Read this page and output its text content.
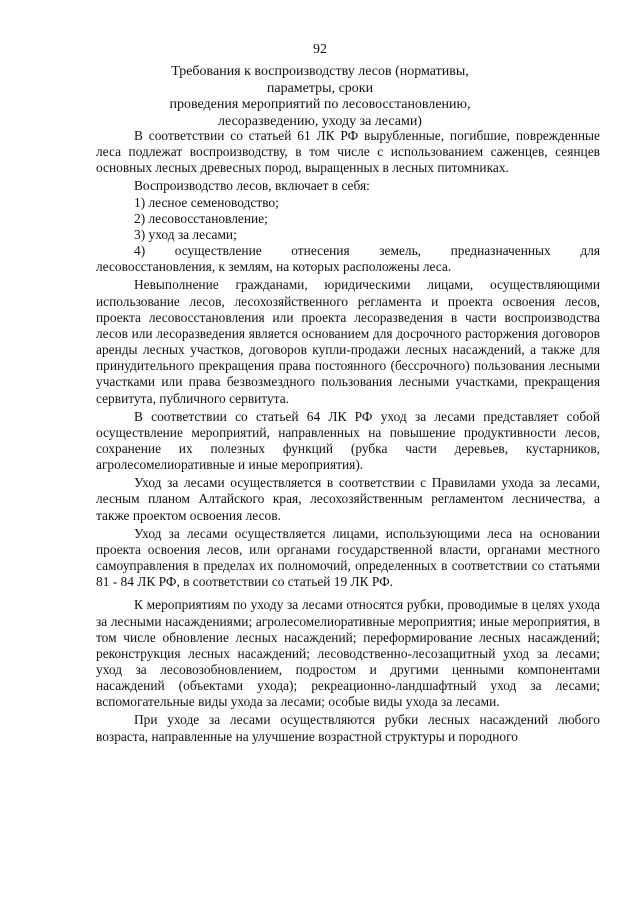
92
Требования к воспроизводству лесов (нормативы, параметры, сроки
проведения мероприятий по лесовосстановлению,
лесоразведению, уходу за лесами)

В соответствии со статьей 61 ЛК РФ вырубленные, погибшие, поврежденные леса подлежат воспроизводству, в том числе с использованием саженцев, сеянцев основных лесных древесных пород, выращенных в лесных питомниках.

Воспроизводство лесов, включает в себя:

1) лесное семеноводство;

2) лесовосстановление;

3) уход за лесами;

4) осуществление отнесения земель, предназначенных для
лесовосстановления, к землям, на которых расположены леса.

Невыполнение гражданами, юридическими лицами, осуществляющими использование лесов, лесохозяйственного регламента и проекта освоения лесов, проекта лесовосстановления или проекта лесоразведения в части воспроизводства лесов или лесоразведения является основанием для досрочного расторжения договоров аренды лесных участков, договоров купли-продажи лесных насаждений, а также для принудительного прекращения права постоянного (бессрочного) пользования лесными участками или права безвозмездного пользования лесными участками, прекращения сервитута, публичного сервитута.

В соответствии со статьей 64 ЛК РФ уход за лесами представляет собой осуществление мероприятий, направленных на повышение продуктивности лесов, сохранение их полезных функций (рубка части деревьев, кустарников, агролесомелиоративные и иные мероприятия).

Уход за лесами осуществляется в соответствии с Правилами ухода за лесами, лесным планом Алтайского края, лесохозяйственным регламентом лесничества, а также проектом освоения лесов.

Уход за лесами осуществляется лицами, использующими леса на основании проекта освоения лесов, или органами государственной власти, органами местного самоуправления в пределах их полномочий, определенных в соответствии со статьями 81 - 84 ЛК РФ, в соответствии со статьей 19 ЛК РФ.

К мероприятиям по уходу за лесами относятся рубки, проводимые в целях ухода за лесными насаждениями; агролесомелиоративные мероприятия; иные мероприятия, в том числе обновление лесных насаждений; переформирование лесных насаждений; реконструкция лесных насаждений; лесоводственно-лесозащитный уход за лесами; уход за лесовозобновлением, подростом и другими ценными компонентами насаждений (объектами ухода); рекреационно-ландшафтный уход за лесами; вспомогательные виды ухода за лесами; особые виды ухода за лесами.

При уходе за лесами осуществляются рубки лесных насаждений любого возраста, направленные на улучшение возрастной структуры и породного
